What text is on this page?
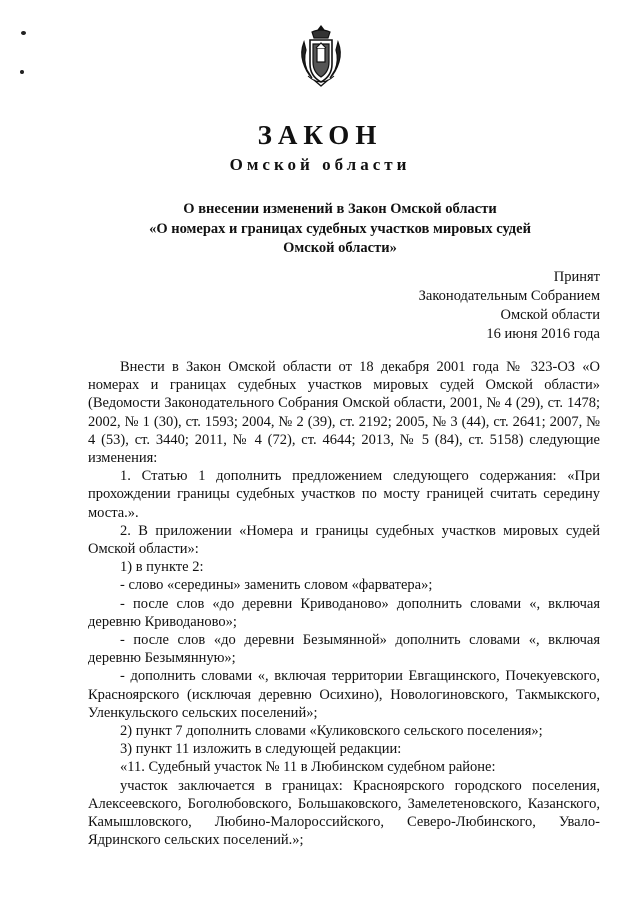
ЗАКОН
Омской области
О внесении изменений в Закон Омской области
«О номерах и границах судебных участков мировых судей
Омской области»
Принят
Законодательным Собранием
Омской области
16 июня 2016 года

Внести в Закон Омской области от 18 декабря 2001 года № 323-ОЗ «О номерах и границах судебных участков мировых судей Омской области» (Ведомости Законодательного Собрания Омской области, 2001, № 4 (29), ст. 1478; 2002, № 1 (30), ст. 1593; 2004, № 2 (39), ст. 2192; 2005, № 3 (44), ст. 2641; 2007, № 4 (53), ст. 3440; 2011, № 4 (72), ст. 4644; 2013, № 5 (84), ст. 5158) следующие изменения:

1. Статью 1 дополнить предложением следующего содержания: «При прохождении границы судебных участков по мосту границей считать середину моста.».

2. В приложении «Номера и границы судебных участков мировых судей Омской области»:

1) в пункте 2:

- слово «середины» заменить словом «фарватера»;

- после слов «до деревни Криводаново» дополнить словами «, включая деревню Криводаново»;

- после слов «до деревни Безымянной» дополнить словами «, включая деревню Безымянную»;

- дополнить словами «, включая территории Евгащинского, Почекуевского, Красноярского (исключая деревню Осихино), Новологиновского, Такмыкского, Уленкульского сельских поселений»;

2) пункт 7 дополнить словами «Куликовского сельского поселения»;

3) пункт 11 изложить в следующей редакции:

«11. Судебный участок № 11 в Любинском судебном районе:

участок заключается в границах: Красноярского городского поселения, Алексеевского, Боголюбовского, Большаковского, Замелетеновского, Казанского, Камышловского, Любино-Малороссийского, Северо-Любинского, Увало-Ядринского сельских поселений.»;
